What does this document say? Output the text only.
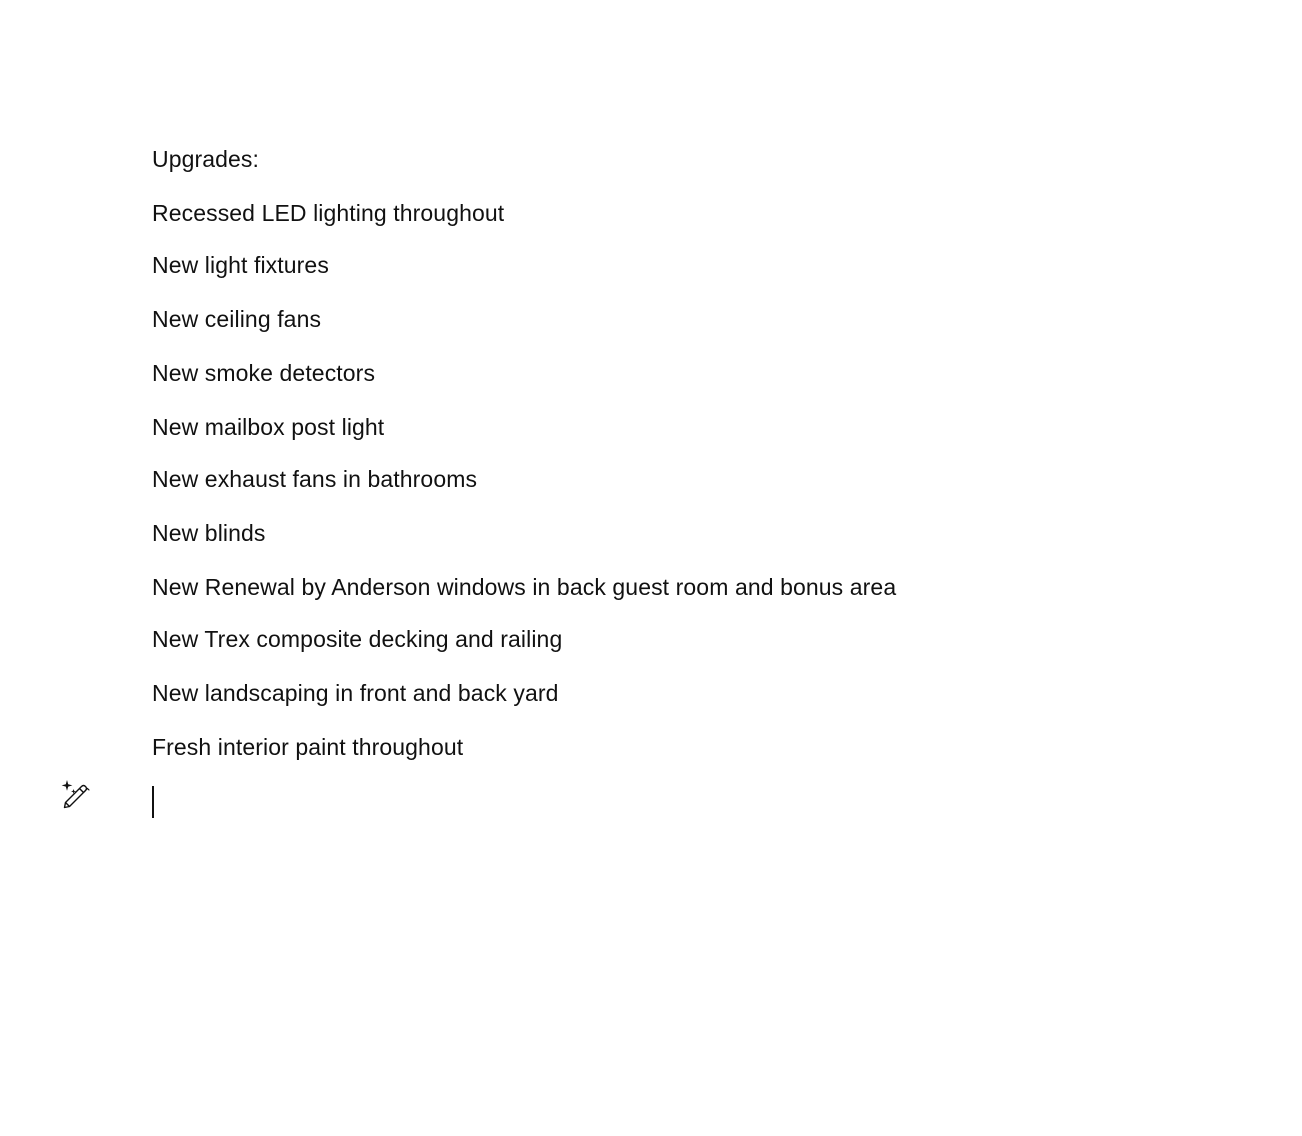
Upgrades:

Recessed LED lighting throughout

New light fixtures

New ceiling fans

New smoke detectors

New mailbox post light

New exhaust fans in bathrooms

New blinds

New Renewal by Anderson windows in back guest room and bonus area

New Trex composite decking and railing

New landscaping in front and back yard

Fresh interior paint throughout
